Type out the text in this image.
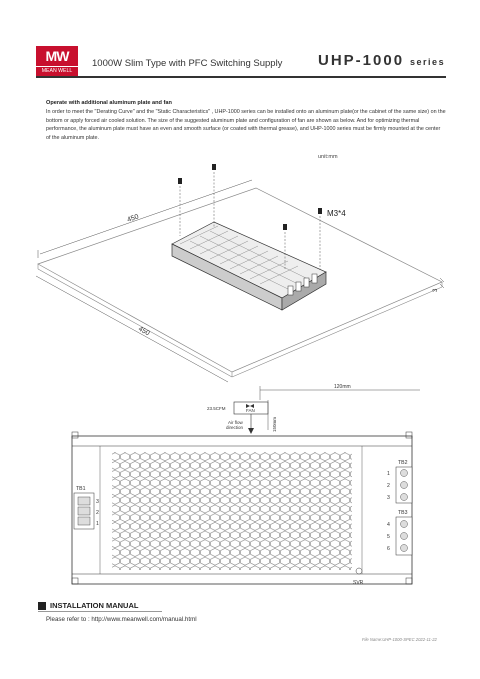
MW
MEAN WELL
1000W Slim Type with PFC Switching Supply UHP-1000 series
Operate with additional aluminum plate and fan
In order to meet the "Derating Curve" and the "Static Characteristics" , UHP-1000 series can be installed onto an aluminum plate(or the cabinet of the same size) on the bottom or apply forced air cooled solution. The size of the suggested aluminum plate and configuration of fan are shown as below. And for optimizing thermal performance, the aluminum plate must have an even and smooth surface (or coated with thermal grease), and UHP-1000 series must be firmly mounted at the center of the aluminum plate.
unit:mm
3
450
450
M3*4
120mm
FAN
23.5CFM
Air flow direction	150mm
TB1
3
2
1
TB2
1
2
3
TB3
4
5
6
SVR
INSTALLATION MANUAL
Please refer to : http://www.meanwell.com/manual.html
File Name:UHP-1000-SPEC 2022-11-22
